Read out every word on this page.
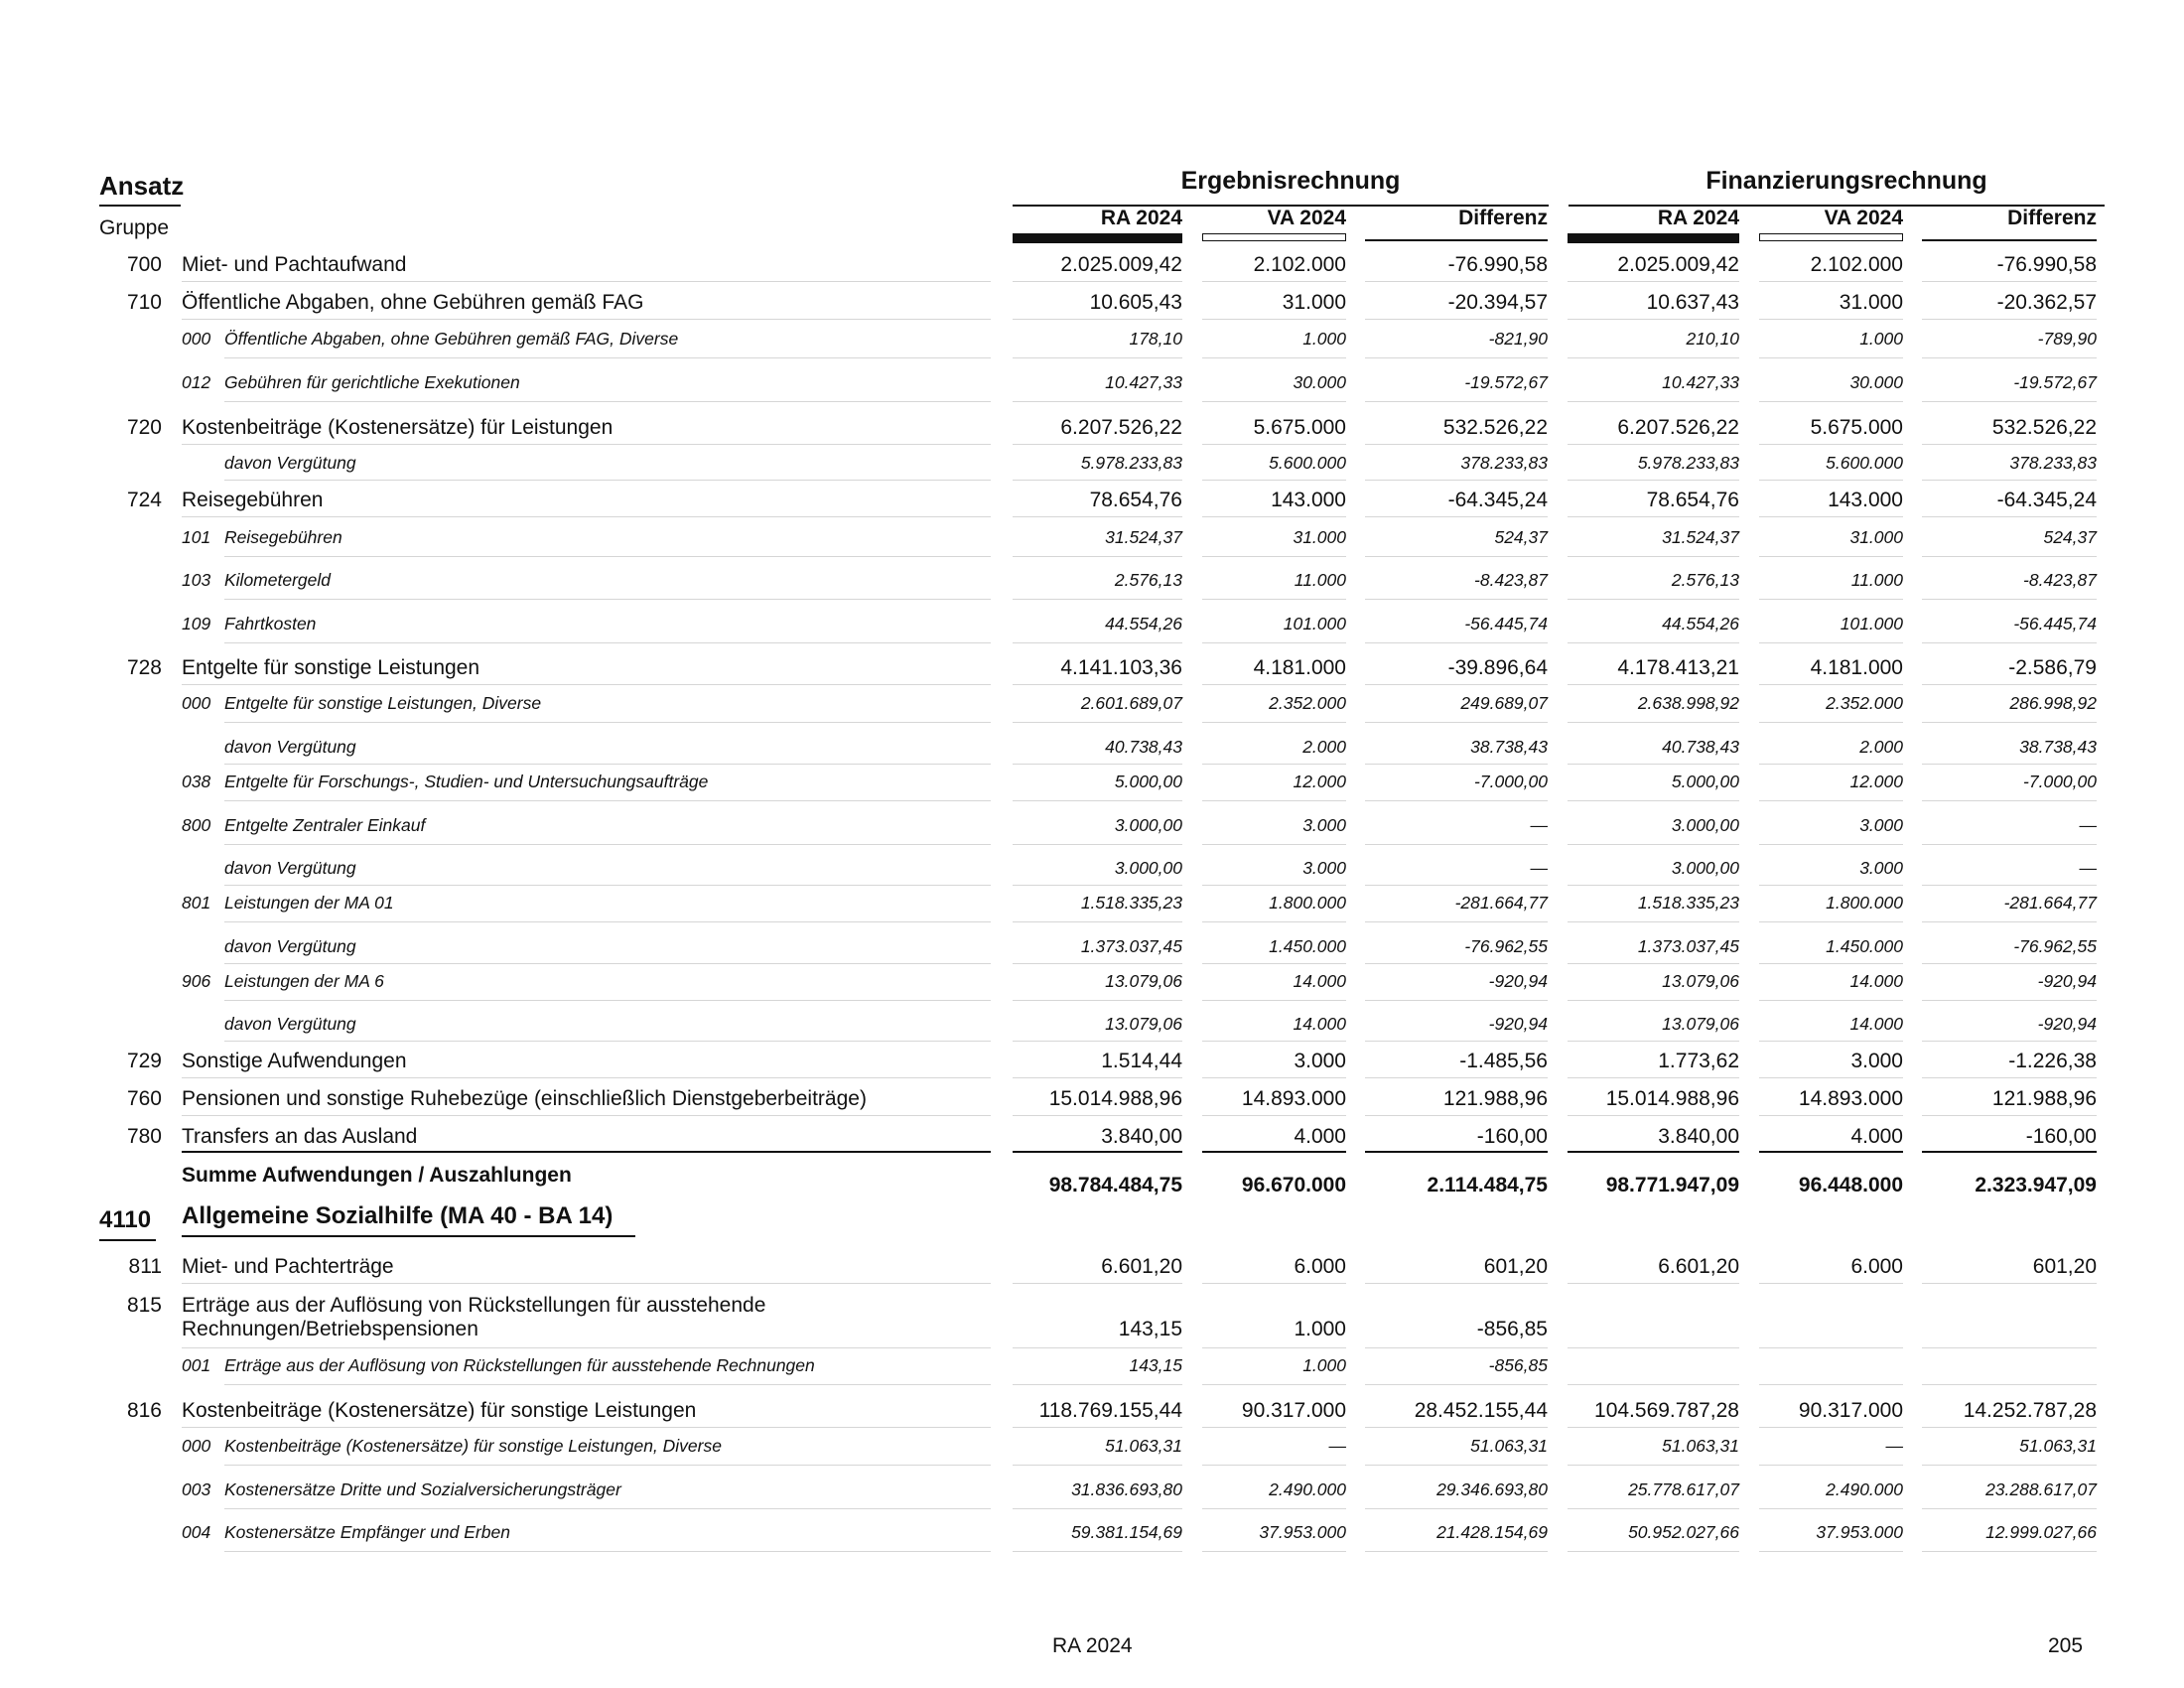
Ansatz
Gruppe
Ergebnisrechnung	Finanzierungsrechnung
RA 2024	VA 2024	Differenz	RA 2024	VA 2024	Differenz
700 Miet- und Pachtaufwand	2.025.009,42	2.102.000	-76.990,58	2.025.009,42	2.102.000	-76.990,58
710 Öffentliche Abgaben, ohne Gebühren gemäß FAG	10.605,43	31.000	-20.394,57	10.637,43	31.000	-20.362,57
000 Öffentliche Abgaben, ohne Gebühren gemäß FAG, Diverse	178,10	1.000	-821,90	210,10	1.000	-789,90
012 Gebühren für gerichtliche Exekutionen	10.427,33	30.000	-19.572,67	10.427,33	30.000	-19.572,67
720 Kostenbeiträge (Kostenersätze) für Leistungen	6.207.526,22	5.675.000	532.526,22	6.207.526,22	5.675.000	532.526,22
davon Vergütung	5.978.233,83	5.600.000	378.233,83	5.978.233,83	5.600.000	378.233,83
724 Reisegebühren	78.654,76	143.000	-64.345,24	78.654,76	143.000	-64.345,24
101 Reisegebühren	31.524,37	31.000	524,37	31.524,37	31.000	524,37
103 Kilometergeld	2.576,13	11.000	-8.423,87	2.576,13	11.000	-8.423,87
109 Fahrtkosten	44.554,26	101.000	-56.445,74	44.554,26	101.000	-56.445,74
728 Entgelte für sonstige Leistungen	4.141.103,36	4.181.000	-39.896,64	4.178.413,21	4.181.000	-2.586,79
000 Entgelte für sonstige Leistungen, Diverse	2.601.689,07	2.352.000	249.689,07	2.638.998,92	2.352.000	286.998,92
davon Vergütung	40.738,43	2.000	38.738,43	40.738,43	2.000	38.738,43
038 Entgelte für Forschungs-, Studien- und Untersuchungsaufträge	5.000,00	12.000	-7.000,00	5.000,00	12.000	-7.000,00
800 Entgelte Zentraler Einkauf	3.000,00	3.000	—	3.000,00	3.000	—
davon Vergütung	3.000,00	3.000	—	3.000,00	3.000	—
801 Leistungen der MA 01	1.518.335,23	1.800.000	-281.664,77	1.518.335,23	1.800.000	-281.664,77
davon Vergütung	1.373.037,45	1.450.000	-76.962,55	1.373.037,45	1.450.000	-76.962,55
906 Leistungen der MA 6	13.079,06	14.000	-920,94	13.079,06	14.000	-920,94
davon Vergütung	13.079,06	14.000	-920,94	13.079,06	14.000	-920,94
729 Sonstige Aufwendungen	1.514,44	3.000	-1.485,56	1.773,62	3.000	-1.226,38
760 Pensionen und sonstige Ruhebezüge (einschließlich Dienstgeberbeiträge)	15.014.988,96	14.893.000	121.988,96	15.014.988,96	14.893.000	121.988,96
780 Transfers an das Ausland	3.840,00	4.000	-160,00	3.840,00	4.000	-160,00
Summe Aufwendungen / Auszahlungen	98.784.484,75	96.670.000	2.114.484,75	98.771.947,09	96.448.000	2.323.947,09
4110 Allgemeine Sozialhilfe (MA 40 - BA 14)
811 Miet- und Pachterträge	6.601,20	6.000	601,20	6.601,20	6.000	601,20
815 Erträge aus der Auflösung von Rückstellungen für ausstehende
Rechnungen/Betriebspensionen	143,15	1.000	-856,85
001 Erträge aus der Auflösung von Rückstellungen für ausstehende Rechnungen	143,15	1.000	-856,85
816 Kostenbeiträge (Kostenersätze) für sonstige Leistungen	118.769.155,44	90.317.000	28.452.155,44	104.569.787,28	90.317.000	14.252.787,28
000 Kostenbeiträge (Kostenersätze) für sonstige Leistungen, Diverse	51.063,31	—	51.063,31	51.063,31	—	51.063,31
003 Kostenersätze Dritte und Sozialversicherungsträger	31.836.693,80	2.490.000	29.346.693,80	25.778.617,07	2.490.000	23.288.617,07
004 Kostenersätze Empfänger und Erben	59.381.154,69	37.953.000	21.428.154,69	50.952.027,66	37.953.000	12.999.027,66
RA 2024	205
